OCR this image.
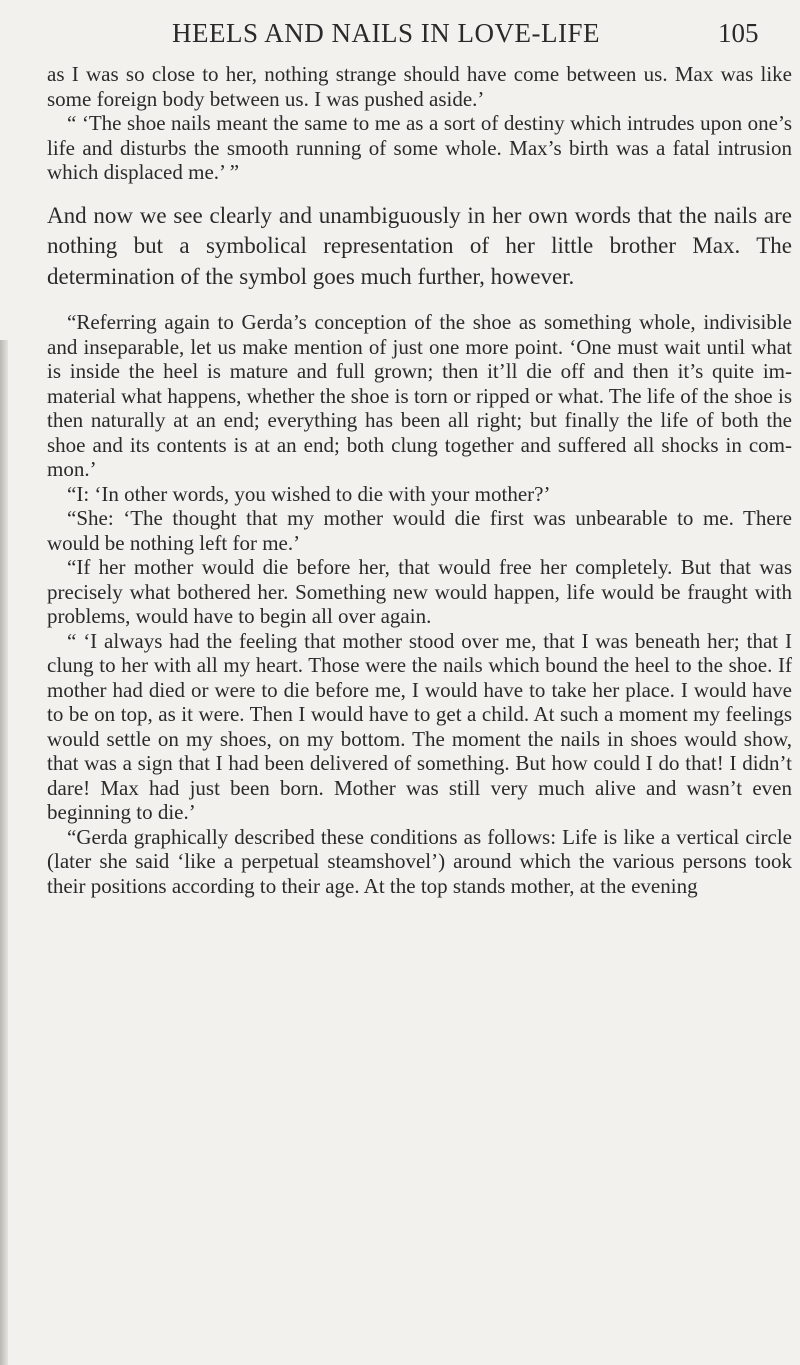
HEELS AND NAILS IN LOVE-LIFE	105

as I was so close to her, nothing strange should have come between us. Max was like some foreign body between us. I was pushed aside.’

“ ‘The shoe nails meant the same to me as a sort of destiny which intrudes upon one’s life and disturbs the smooth running of some whole. Max’s birth was a fatal intrusion which displaced me.’ ”

And now we see clearly and unambiguously in her own words that the nails are nothing but a symbolical representation of her little brother Max. The determination of the symbol goes much further, however.

“Referring again to Gerda’s conception of the shoe as something whole, indivisible and inseparable, let us make mention of just one more point. ‘One must wait until what is inside the heel is mature and full grown; then it’ll die off and then it’s quite immaterial what happens, whether the shoe is torn or ripped or what. The life of the shoe is then naturally at an end; everything has been all right; but finally the life of both the shoe and its contents is at an end; both clung together and suffered all shocks in common.’

“I: ‘In other words, you wished to die with your mother?’

“She: ‘The thought that my mother would die first was unbearable to me. There would be nothing left for me.’

“If her mother would die before her, that would free her completely. But that was precisely what bothered her. Something new would happen, life would be fraught with problems, would have to begin all over again.

“ ‘I always had the feeling that mother stood over me, that I was beneath her; that I clung to her with all my heart. Those were the nails which bound the heel to the shoe. If mother had died or were to die before me, I would have to take her place. I would have to be on top, as it were. Then I would have to get a child. At such a moment my feelings would settle on my shoes, on my bottom. The moment the nails in shoes would show, that was a sign that I had been delivered of something. But how could I do that! I didn’t dare! Max had just been born. Mother was still very much alive and wasn’t even beginning to die.’

“Gerda graphically described these conditions as follows: Life is like a vertical circle (later she said ‘like a perpetual steamshovel’) around which the various persons took their positions according to their age. At the top stands mother, at the evening
